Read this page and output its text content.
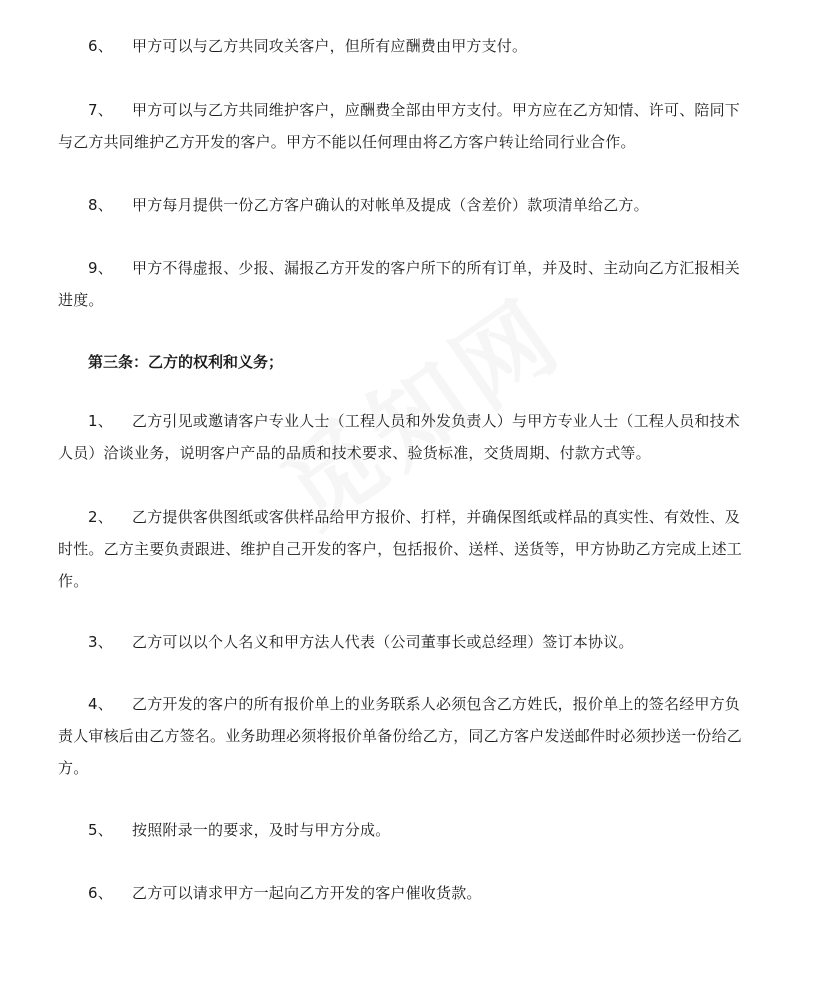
6、 甲方可以与乙方共同攻关客户，但所有应酬费由甲方支付。
7、 甲方可以与乙方共同维护客户，应酬费全部由甲方支付。甲方应在乙方知情、许可、陪同下
与乙方共同维护乙方开发的客户。甲方不能以任何理由将乙方客户转让给同行业合作。
8、 甲方每月提供一份乙方客户确认的对帐单及提成（含差价）款项清单给乙方。
9、 甲方不得虚报、少报、漏报乙方开发的客户所下的所有订单，并及时、主动向乙方汇报相关
进度。
第三条：乙方的权利和义务；
1、 乙方引见或邀请客户专业人士（工程人员和外发负责人）与甲方专业人士（工程人员和技术
人员）洽谈业务，说明客户产品的品质和技术要求、验货标准，交货周期、付款方式等。
2、 乙方提供客供图纸或客供样品给甲方报价、打样，并确保图纸或样品的真实性、有效性、及
时性。乙方主要负责跟进、维护自己开发的客户，包括报价、送样、送货等，甲方协助乙方完成上述工
作。
3、 乙方可以以个人名义和甲方法人代表（公司董事长或总经理）签订本协议。
4、 乙方开发的客户的所有报价单上的业务联系人必须包含乙方姓氏，报价单上的签名经甲方负
责人审核后由乙方签名。业务助理必须将报价单备份给乙方，同乙方客户发送邮件时必须抄送一份给乙
方。
5、 按照附录一的要求，及时与甲方分成。
6、 乙方可以请求甲方一起向乙方开发的客户催收货款。
